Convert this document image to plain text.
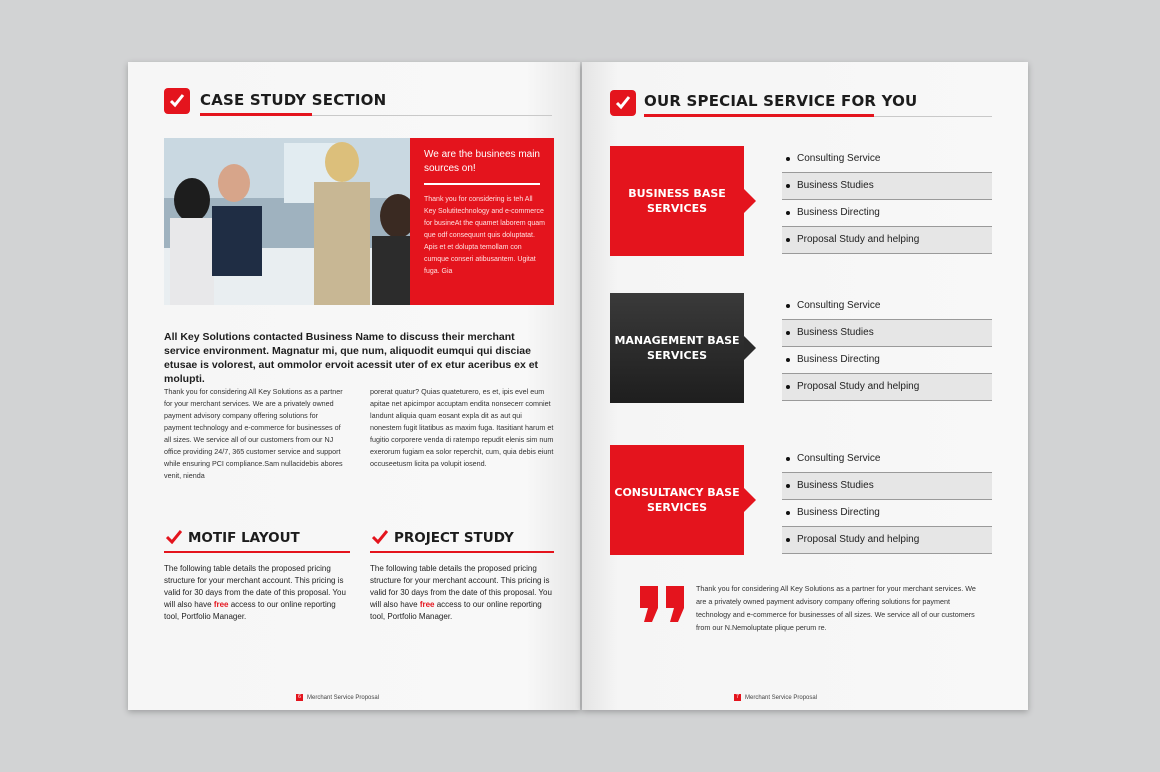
CASE STUDY SECTION
We are the businees main sources on!
Thank you for considering is teh All Key Solutitechnology and e-commerce for busineAt the quamet laborem quam que odf consequunt quis doluptatat. Apis et et dolupta temollam con cumque conseri atibusantem. Ugitat fuga. Gia
All Key Solutions contacted Business Name to discuss their merchant service environment. Magnatur mi, que num, aliquodit eumqui qui disciae etusae is volorest, aut ommolor ervoit acessit uter of ex etur aceribus ex et molupti.
Thank you for considering All Key Solutions as a partner for your merchant services. We are a privately owned payment advisory company offering solutions for payment technology and e-commerce for businesses of all sizes. We service all of our customers from our NJ office providing 24/7, 365 customer service and support while ensuring PCI compliance.Sam nullacidebis abores venit, nienda
porerat quatur? Quias quateturero, es et, ipis evel eum apitae net apicimpor accuptam endita nonsecerr comniet landunt aliquia quam eosant expla dit as aut qui nonestem fugit litatibus as maxim fuga. Itasitiant harum et fugitio corporere venda di ratempo repudit elenis sim num exerorum fugiam ea solor reperchit, cum, quia debis eiunt occuseetusm licita pa volupit iosend.
MOTIF LAYOUT	PROJECT STUDY
The following table details the proposed pricing structure for your merchant account. This pricing is valid for 30 days from the date of this proposal. You will also have free access to our online reporting tool, Portfolio Manager.
The following table details the proposed pricing structure for your merchant account. This pricing is valid for 30 days from the date of this proposal. You will also have free access to our online reporting tool, Portfolio Manager.
6 Merchant Service Proposal
OUR SPECIAL SERVICE FOR YOU
BUSINESS BASE SERVICES
Consulting Service
Business Studies
Business Directing
Proposal Study and helping
MANAGEMENT BASE SERVICES
Consulting Service
Business Studies
Business Directing
Proposal Study and helping
CONSULTANCY BASE SERVICES
Consulting Service
Business Studies
Business Directing
Proposal Study and helping
Thank you for considering All Key Solutions as a partner for your merchant services. We are a privately owned payment advisory company offering solutions for payment technology and e-commerce for businesses of all sizes. We service all of our customers from our N.Nemoluptate plique perum re.
7 Merchant Service Proposal
